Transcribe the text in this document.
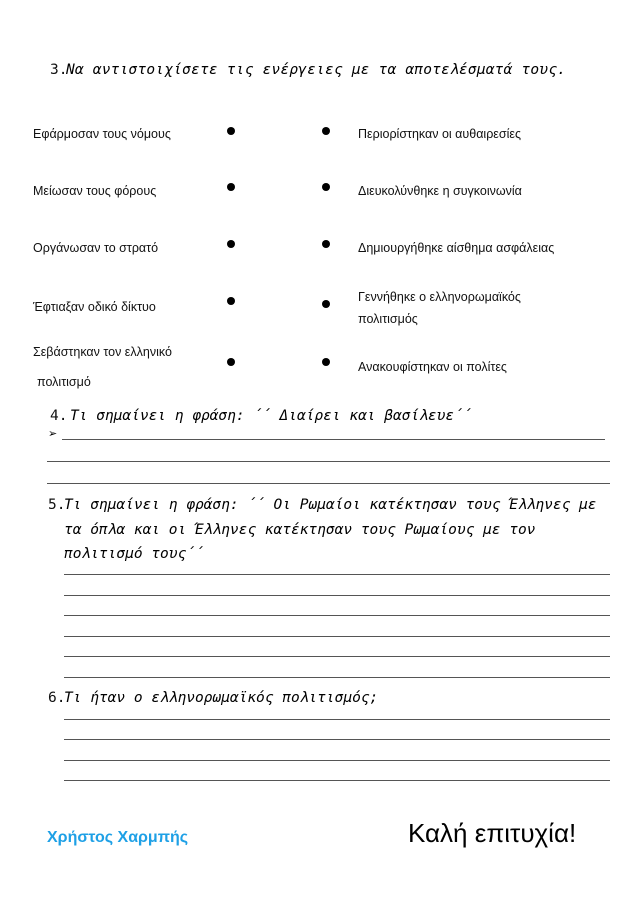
3.
Να αντιστοιχίσετε τις ενέργειες με τα αποτελέσματά τους.
Εφάρμοσαν τους νόμους
Μείωσαν τους φόρους
Οργάνωσαν το στρατό
Έφτιαξαν οδικό δίκτυο
Σεβάστηκαν τον ελληνικό
πολιτισμό
Περιορίστηκαν οι αυθαιρεσίες
Διευκολύνθηκε η συγκοινωνία
Δημιουργήθηκε αίσθημα ασφάλειας
Γεννήθηκε ο ελληνορωμαϊκός
πολιτισμός
Ανακουφίστηκαν οι πολίτες
4. Τι σημαίνει η φράση: ΄΄ Διαίρει και βασίλευε΄΄
➢
5.
Τι σημαίνει η φράση: ΄΄ Οι Ρωμαίοι κατέκτησαν τους Έλληνες με
τα όπλα και οι Έλληνες κατέκτησαν τους Ρωμαίους με τον
πολιτισμό τους΄΄
6.
Τι ήταν ο ελληνορωμαϊκός πολιτισμός;
Χρήστος Χαρμπής	Καλή επιτυχία!
